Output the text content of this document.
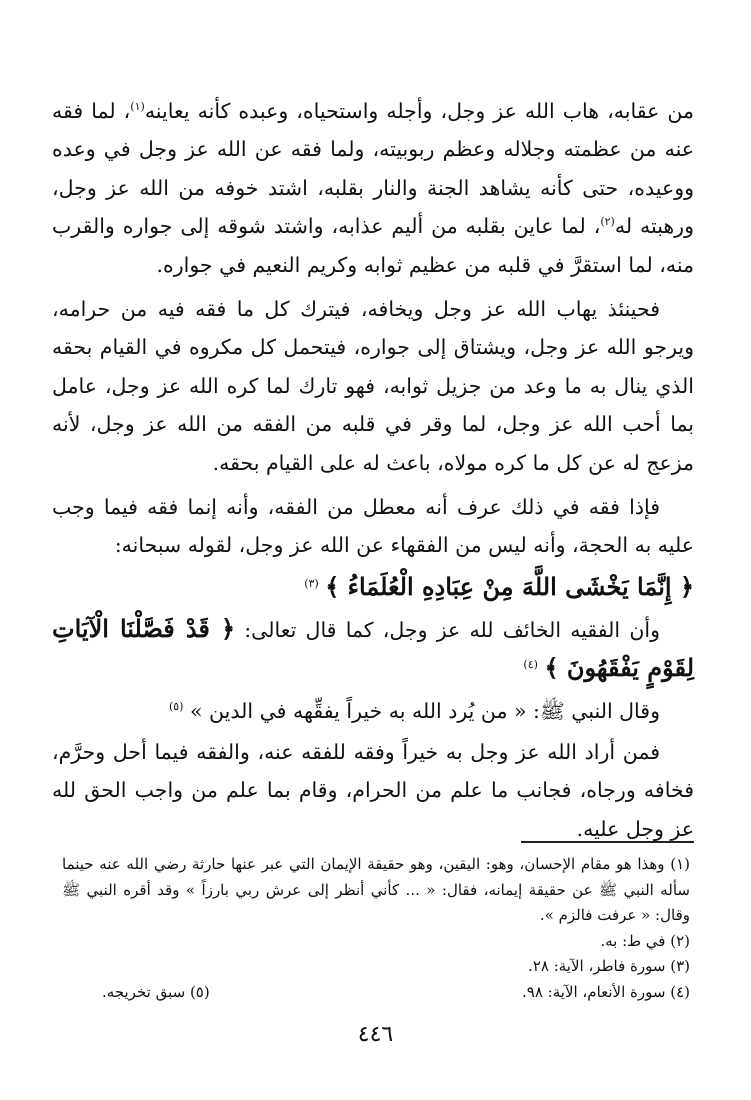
من عقابه، هاب الله عز وجل، وأجله واستحياه، وعبده كأنه يعاينه$^{(١)}$، لما فقه عنه من عظمته وجلاله وعظم ربوبيته، ولما فقه عن الله عز وجل في وعده ووعيده، حتى كأنه يشاهد الجنة والنار بقلبه، اشتد خوفه من الله عز وجل، ورهبته له$^{(٢)}$، لما عاين بقلبه من أليم عذابه، واشتد شوقه إلى جواره والقرب منه، لما استقرَّ في قلبه من عظيم ثوابه وكريم النعيم في جواره.

فحينئذ يهاب الله عز وجل ويخافه، فيترك كل ما فقه فيه من حرامه، ويرجو الله عز وجل، ويشتاق إلى جواره، فيتحمل كل مكروه في القيام بحقه الذي ينال به ما وعد من جزيل ثوابه، فهو تارك لما كره الله عز وجل، عامل بما أحب الله عز وجل، لما وقر في قلبه من الفقه من الله عز وجل، لأنه مزعج له عن كل ما كره مولاه، باعث له على القيام بحقه.

فإذا فقه في ذلك عرف أنه معطل من الفقه، وأنه إنما فقه فيما وجب عليه به الحجة، وأنه ليس من الفقهاء عن الله عز وجل، لقوله سبحانه:

﴿ إِنَّمَا يَخْشَى اللَّهَ مِنْ عِبَادِهِ الْعُلَمَاءُ ﴾ $^{(٣)}$

وأن الفقيه الخائف لله عز وجل، كما قال تعالى: ﴿ قَدْ فَصَّلْنَا الْآيَاتِ لِقَوْمٍ يَفْقَهُونَ ﴾ $^{(٤)}$

وقال النبي ﷺ: « من يُرد الله به خيراً يفقِّهه في الدين » $^{(٥)}$

فمن أراد الله عز وجل به خيراً وفقه للفقه عنه، والفقه فيما أحل وحرَّم، فخافه ورجاه، فجانب ما علم من الحرام، وقام بما علم من واجب الحق لله عز وجل عليه.

(١) وهذا هو مقام الإحسان، وهو: اليقين، وهو حقيقة الإيمان التي عبر عنها حارثة رضي الله عنه حينما سأله النبي ﷺ عن حقيقة إيمانه، فقال: « ... كأني أنظر إلى عرش ربي بارزاً » وقد أقره النبي ﷺ وقال: « عرفت فالزم ».

(٢) في ط: به.

(٣) سورة فاطر، الآية: ٢٨.

(٤) سورة الأنعام، الآية: ٩٨.

(٥) سبق تخريجه.

٤٤٦
